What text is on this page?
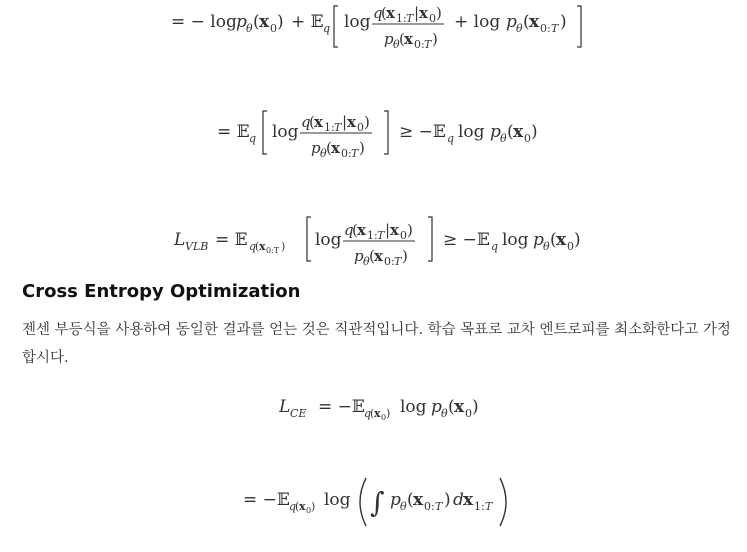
= − log p θ ( x 0 ) + 𝔼 q log q
( x 1: T | x 0 )
p θ ( x 0: T )
+ log p θ ( x 0: T )
= 𝔼 q log q
( x 1: T | x 0 )
p θ ( x 0: T )
≥ −𝔼 q log p θ ( x 0 )
L VLB = 𝔼 q
( x 0:T ) log q
( x 1: T | x 0 )
p θ ( x 0: T )
≥ −𝔼 q log p θ ( x 0 )
Cross Entropy Optimization

젠센 부등식을 사용하여 동일한 결과를 얻는 것은 직관적입니다. 학습 목표로 교차 엔트로피를 최소화한다고 가정합시다.

L CE = −𝔼 q
( x 0 ) log p θ ( x 0 )
= −𝔼 q
( x 0 ) log ∫ p θ ( x 0: T ) d x 1: T
